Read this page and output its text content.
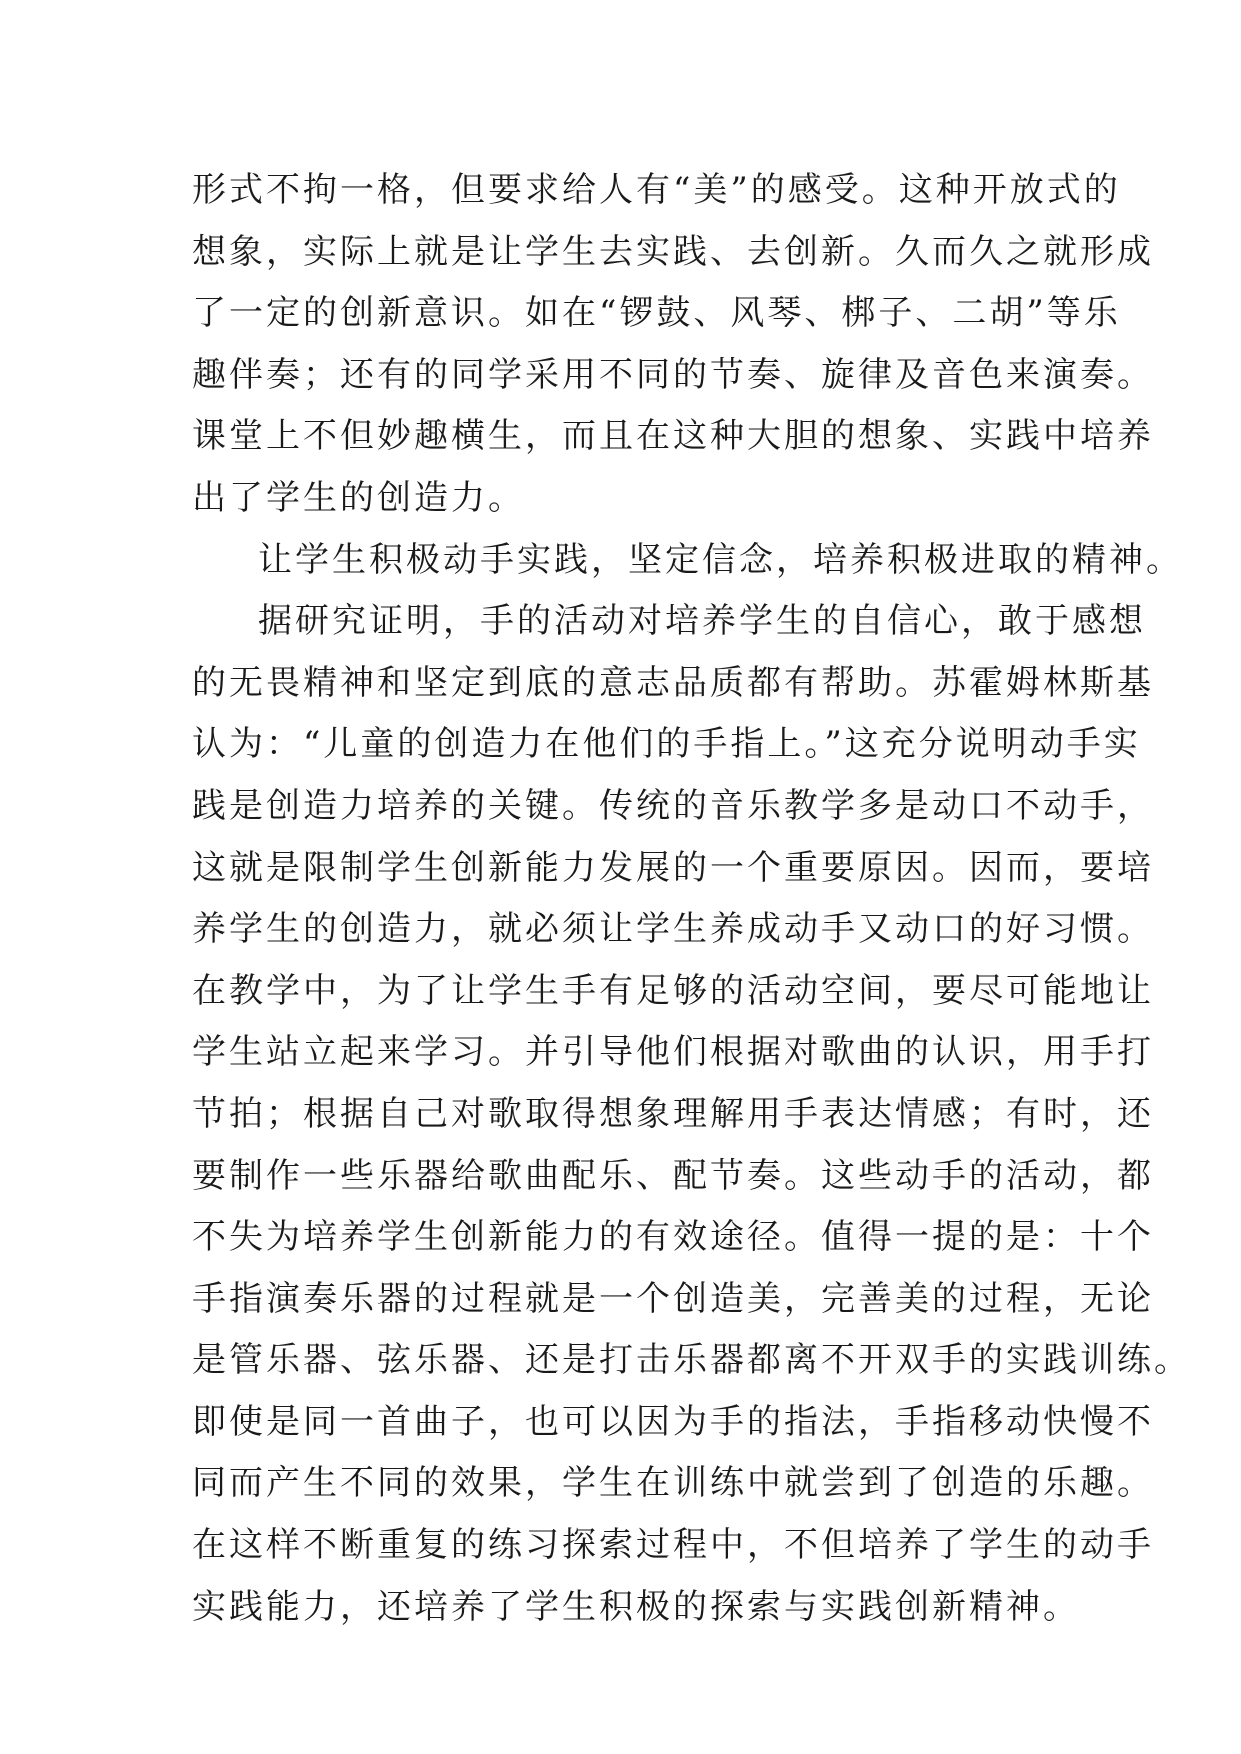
形式不拘一格，但要求给人有“美”的感受。这种开放式的
想象，实际上就是让学生去实践、去创新。久而久之就形成
了一定的创新意识。如在“锣鼓、风琴、梆子、二胡”等乐
趣伴奏；还有的同学采用不同的节奏、旋律及音色来演奏。
课堂上不但妙趣横生，而且在这种大胆的想象、实践中培养
出了学生的创造力。
让学生积极动手实践，坚定信念，培养积极进取的精神。
据研究证明，手的活动对培养学生的自信心，敢于感想
的无畏精神和坚定到底的意志品质都有帮助。苏霍姆林斯基
认为：“儿童的创造力在他们的手指上。”这充分说明动手实
践是创造力培养的关键。传统的音乐教学多是动口不动手，
这就是限制学生创新能力发展的一个重要原因。因而，要培
养学生的创造力，就必须让学生养成动手又动口的好习惯。
在教学中，为了让学生手有足够的活动空间，要尽可能地让
学生站立起来学习。并引导他们根据对歌曲的认识，用手打
节拍；根据自己对歌取得想象理解用手表达情感；有时，还
要制作一些乐器给歌曲配乐、配节奏。这些动手的活动，都
不失为培养学生创新能力的有效途径。值得一提的是：十个
手指演奏乐器的过程就是一个创造美，完善美的过程，无论
是管乐器、弦乐器、还是打击乐器都离不开双手的实践训练。
即使是同一首曲子，也可以因为手的指法，手指移动快慢不
同而产生不同的效果，学生在训练中就尝到了创造的乐趣。
在这样不断重复的练习探索过程中，不但培养了学生的动手
实践能力，还培养了学生积极的探索与实践创新精神。
